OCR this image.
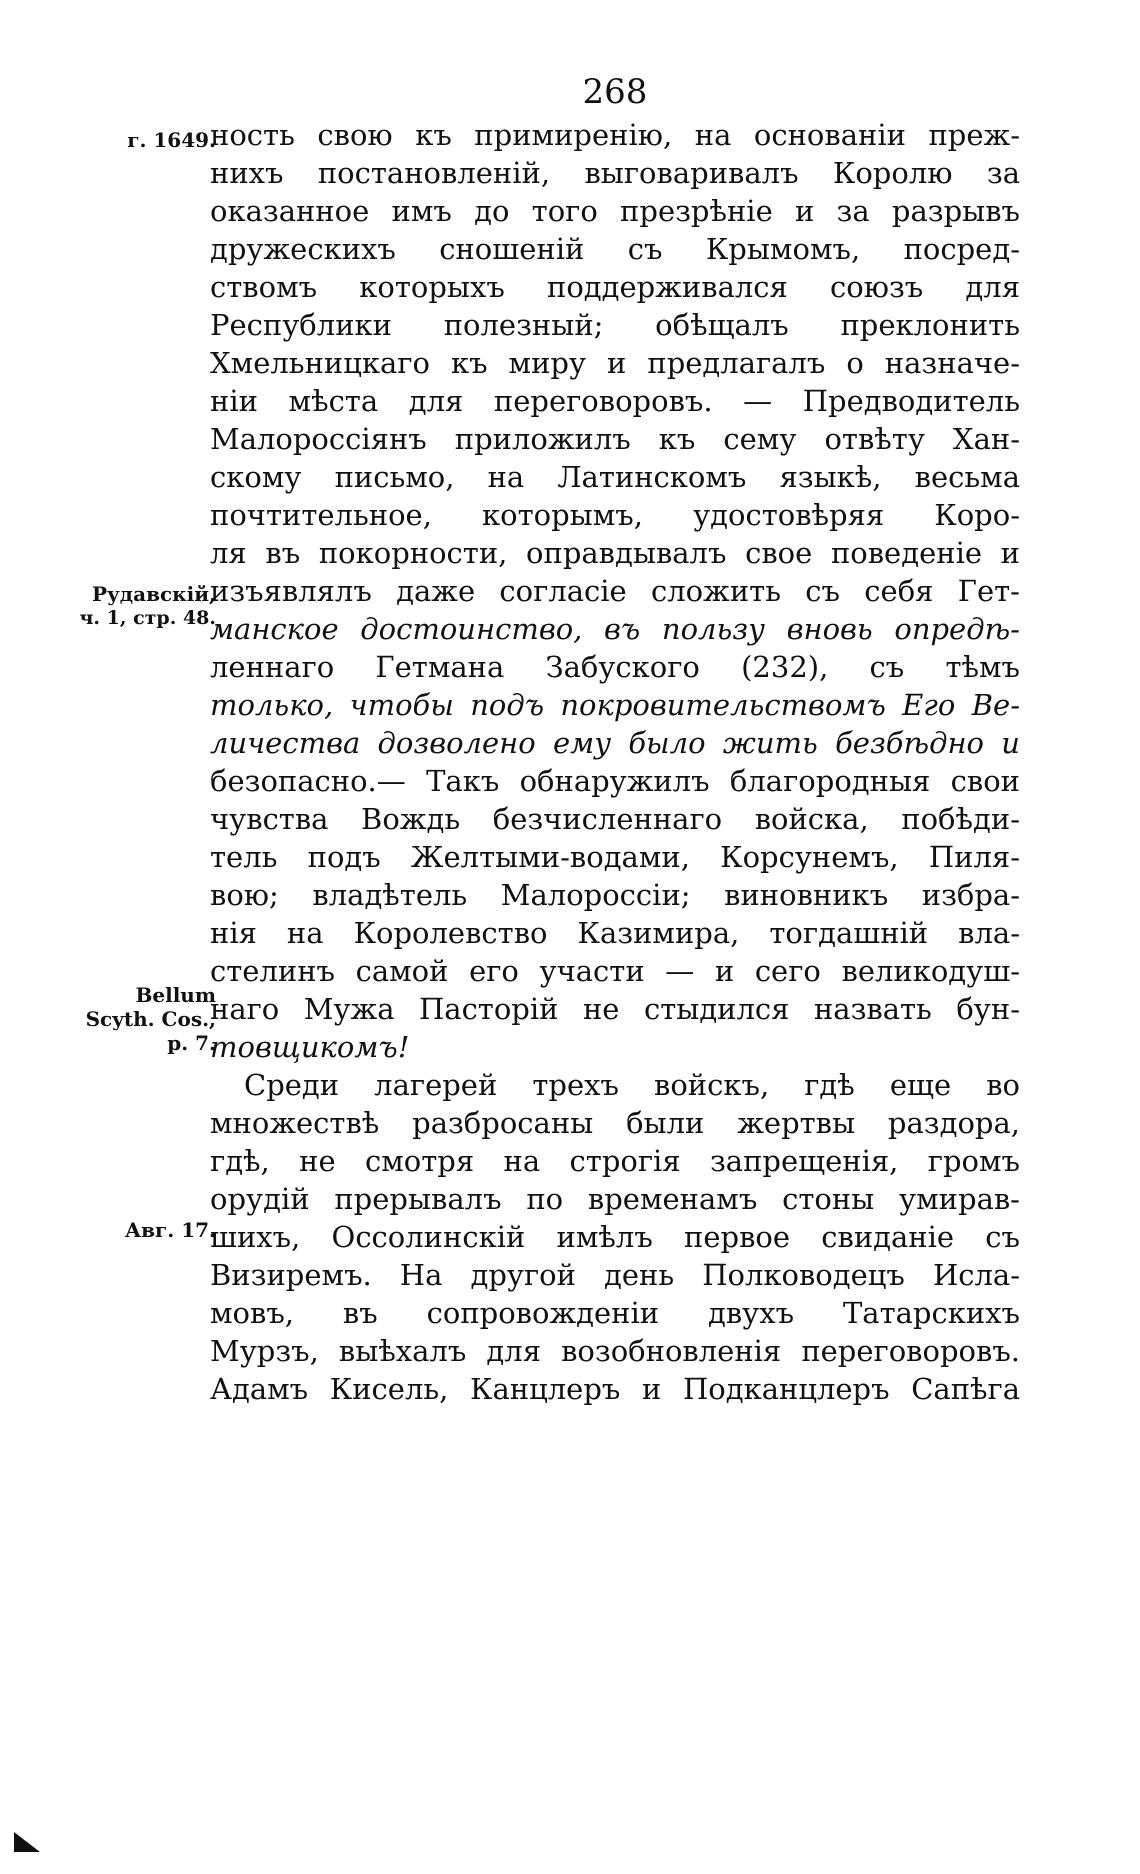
268
г. 1649.
Рудавскій,
ч. 1, стр. 48.
Bellum
Scyth. Cos.,
p. 7.
Авг. 17.
ность свою къ примиренію, на основаніи преж-
нихъ постановленій, выговаривалъ Королю за
оказанное имъ до того презрѣніе и за разрывъ
дружескихъ сношеній съ Крымомъ, посред-
ствомъ которыхъ поддерживался союзъ для
Республики полезный; обѣщалъ преклонить
Хмельницкаго къ миру и предлагалъ о назначе-
ніи мѣста для переговоровъ. — Предводитель
Малороссіянъ приложилъ къ сему отвѣту Хан-
скому письмо, на Латинскомъ языкѣ, весьма
почтительное, которымъ, удостовѣряя Коро-
ля въ покорности, оправдывалъ свое поведеніе и
изъявлялъ даже согласіе сложить съ себя Гет-
манское достоинство, въ пользу вновь опредѣ-
леннаго Гетмана Забуского (232), съ тѣмъ
только, чтобы подъ покровительствомъ Его Ве-
личества дозволено ему было жить безбѣдно и
безопасно.— Такъ обнаружилъ благородныя свои
чувства Вождь безчисленнаго войска, побѣди-
тель подъ Желтыми-водами, Корсунемъ, Пиля-
вою; владѣтель Малороссіи; виновникъ избра-
нія на Королевство Казимира, тогдашній вла-
стелинъ самой его участи — и сего великодуш-
наго Мужа Пасторій не стыдился назвать бун-
товщикомъ!
Среди лагерей трехъ войскъ, гдѣ еще во
множествѣ разбросаны были жертвы раздора,
гдѣ, не смотря на строгія запрещенія, громъ
орудій прерывалъ по временамъ стоны умирав-
шихъ, Оссолинскій имѣлъ первое свиданіе съ
Визиремъ. На другой день Полководецъ Исла-
мовъ, въ сопровожденіи двухъ Татарскихъ
Мурзъ, выѣхалъ для возобновленія переговоровъ.
Адамъ Кисель, Канцлеръ и Подканцлеръ Сапѣга
